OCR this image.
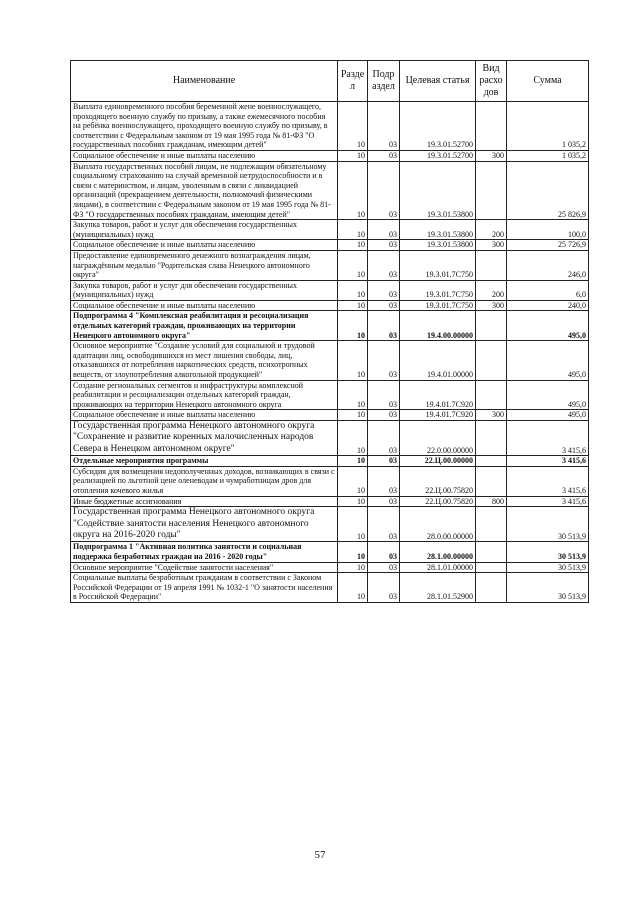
Наименование	Разде л	Подр аздел	Целевая статья	Вид расхо дов	Сумма
Выплата единовременного пособия беременной жене военнослужащего, проходящего военную службу по призыву, а также ежемесячного пособия на ребёнка военнослужащего, проходящего военную службу по призыву, в соответствии с Федеральным законом от 19 мая 1995 года № 81-ФЗ "О государственных пособиях гражданам, имеющим детей"	10	03	19.3.01.52700		1 035,2
Социальное обеспечение и иные выплаты населению	10	03	19.3.01.52700	300	1 035,2
Выплата государственных пособий лицам, не подлежащим обязательному социальному страхованию на случай временной нетрудоспособности и в связи с материнством, и лицам, уволенным в связи с ликвидацией организаций (прекращением деятельности, полномочий физическими лицами), в соответствии с Федеральным законом от 19 мая 1995 года № 81-ФЗ "О государственных пособиях гражданам, имеющим детей"	10	03	19.3.01.53800		25 826,9
Закупка товаров, работ и услуг для обеспечения государственных (муниципальных) нужд	10	03	19.3.01.53800	200	100,0
Социальное обеспечение и иные выплаты населению	10	03	19.3.01.53800	300	25 726,9
Предоставление единовременного денежного вознаграждения лицам, награждённым медалью "Родительская слава Ненецкого автономного округа"	10	03	19.3.01.7С750		246,0
Закупка товаров, работ и услуг для обеспечения государственных (муниципальных) нужд	10	03	19.3.01.7С750	200	6,0
Социальное обеспечение и иные выплаты населению	10	03	19.3.01.7С750	300	240,0
Подпрограмма 4 "Комплексная реабилитация и ресоциализация отдельных категорий граждан, проживающих на территории Ненецкого автономного округа"	10	03	19.4.00.00000		495,0
Основное мероприятие "Создание условий для социальной и трудовой адаптации лиц, освободившихся из мест лишения свободы, лиц, отказавшихся от потребления наркотических средств, психотропных веществ, от злоупотребления алкогольной продукцией"	10	03	19.4.01.00000		495,0
Создание региональных сегментов и инфраструктуры комплексной реабилитации и ресоциализации отдельных категорий граждан, проживающих на территории Ненецкого автономного округа	10	03	19.4.01.7С920		495,0
Социальное обеспечение и иные выплаты населению	10	03	19.4.01.7С920	300	495,0
Государственная программа Ненецкого автономного округа "Сохранение и развитие коренных малочисленных народов Севера в Ненецком автономном округе"	10	03	22.0.00.00000		3 415,6
Отдельные мероприятия программы	10	03	22.Ц.00.00000		3 415,6
Субсидия для возмещения недополученных доходов, возникающих в связи с реализацией по льготной цене оленеводам и чумработницам дров для отопления кочевого жилья	10	03	22.Ц.00.75820		3 415,6
Иные бюджетные ассигнования	10	03	22.Ц.00.75820	800	3 415,6
Государственная программа Ненецкого автономного округа "Содействие занятости населения Ненецкого автономного округа на 2016-2020 годы"	10	03	28.0.00.00000		30 513,9
Подпрограмма 1 "Активная политика занятости и социальная поддержка безработных граждан на 2016 - 2020 годы"	10	03	28.1.00.00000		30 513,9
Основное мероприятие "Содействие занятости населения"	10	03	28.1.01.00000		30 513,9
Социальные выплаты безработным гражданам в соответствии с Законом Российской Федерации от 19 апреля 1991 № 1032-1 "О занятости населения в Российской Федерации"	10	03	28.1.01.52900		30 513,9
57
